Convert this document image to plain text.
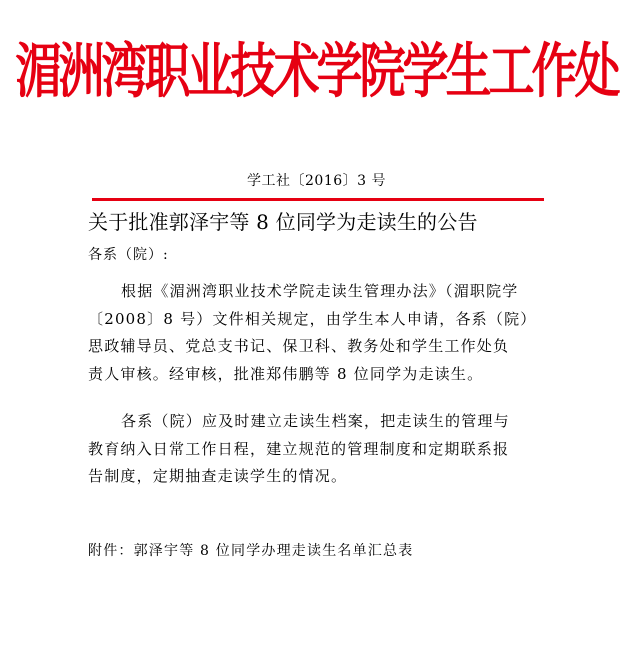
湄洲湾职业技术学院学生工作处
学工社〔2016〕3 号
关于批准郭泽宇等 8 位同学为走读生的公告
各系（院）:
根据《湄洲湾职业技术学院走读生管理办法》（湄职院学
〔2008〕8 号）文件相关规定，由学生本人申请，各系（院）
思政辅导员、党总支书记、保卫科、教务处和学生工作处负
责人审核。经审核，批准郑伟鹏等 8 位同学为走读生。
各系（院）应及时建立走读生档案，把走读生的管理与
教育纳入日常工作日程，建立规范的管理制度和定期联系报
告制度，定期抽查走读学生的情况。
附件：郭泽宇等 8 位同学办理走读生名单汇总表
